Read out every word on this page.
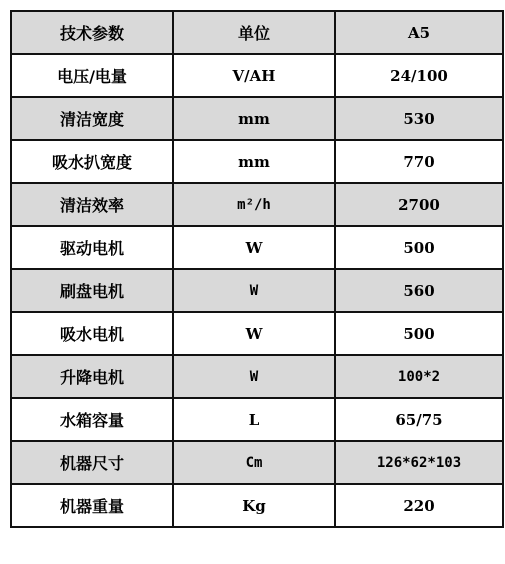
技术参数	单位	A5
电压/电量	V/AH	24/100
清洁宽度	mm	530
吸水扒宽度	mm	770
清洁效率	m²/h	2700
驱动电机	W	500
刷盘电机	W	560
吸水电机	W	500
升降电机	W	100*2
水箱容量	L	65/75
机器尺寸	Cm	126*62*103
机器重量	Kg	220
